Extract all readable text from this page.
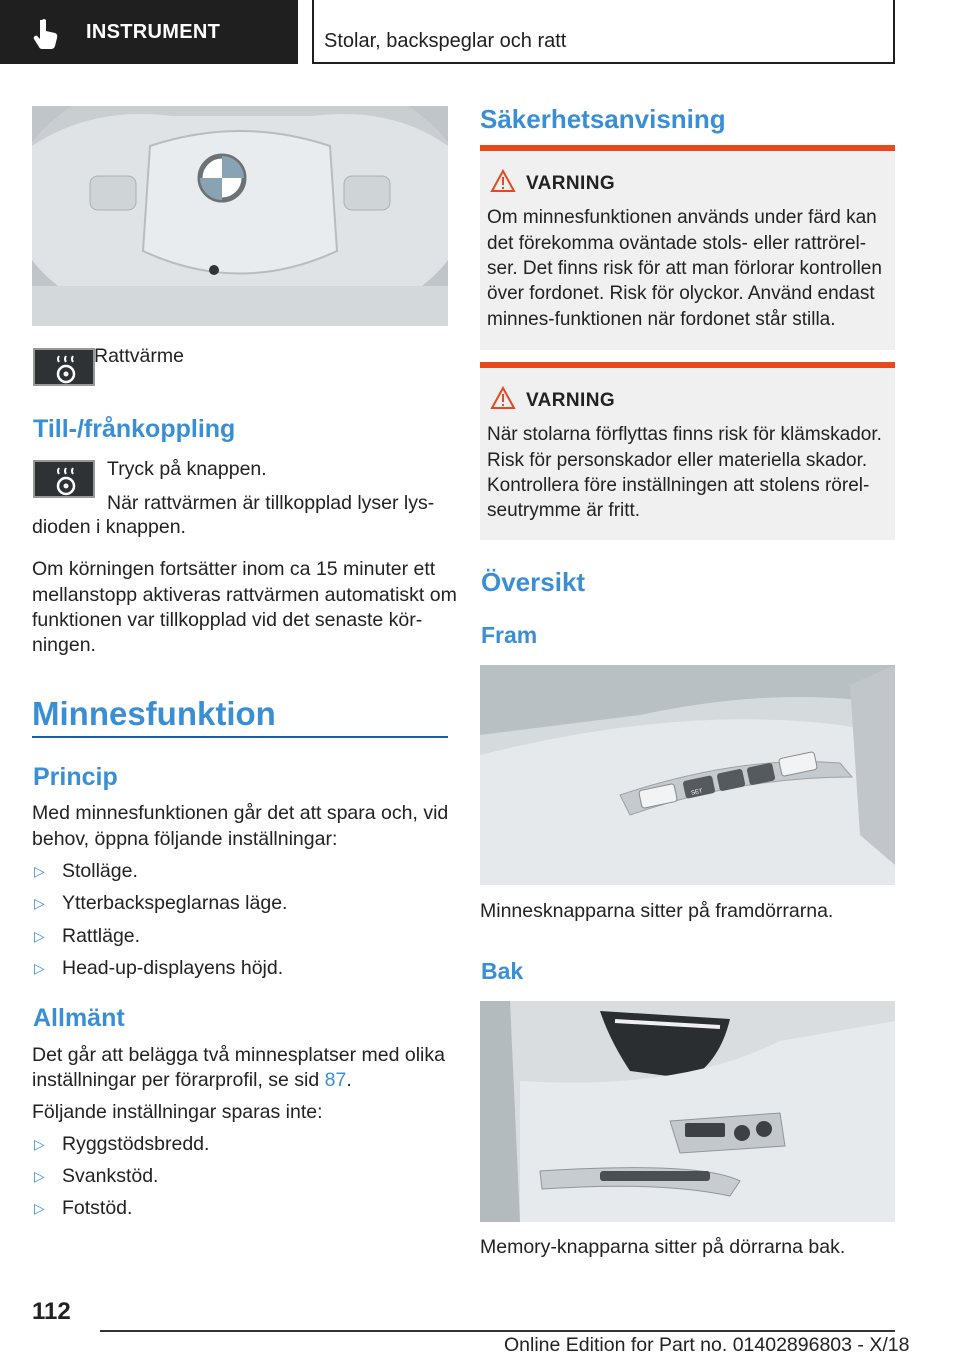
INSTRUMENT	Stolar, backspeglar och ratt
Rattvärme
Till-/frånkoppling
Tryck på knappen.
När rattvärmen är tillkopplad lyser lys-
dioden i knappen.
Om körningen fortsätter inom ca 15 minuter ett
mellanstopp aktiveras rattvärmen automatiskt om
funktionen var tillkopplad vid det senaste kör-
ningen.
Minnesfunktion
Princip
Med minnesfunktionen går det att spara och, vid
behov, öppna följande inställningar:
▷ Stolläge.
▷ Ytterbackspeglarnas läge.
▷ Rattläge.
▷ Head-up-displayens höjd.
Allmänt
Det går att belägga två minnesplatser med olika
inställningar per förarprofil, se sid 87.
Följande inställningar sparas inte:
▷ Ryggstödsbredd.
▷ Svankstöd.
▷ Fotstöd.
Säkerhetsanvisning
VARNING
Om minnesfunktionen används under färd kan
det förekomma oväntade stols- eller rattrörel-
ser. Det finns risk för att man förlorar kontrollen
över fordonet. Risk för olyckor. Använd endast
minnes-funktionen när fordonet står stilla.
VARNING
När stolarna förflyttas finns risk för klämskador.
Risk för personskador eller materiella skador.
Kontrollera före inställningen att stolens rörel-
seutrymme är fritt.
Översikt
Fram
SET
Minnesknapparna sitter på framdörrarna.
Bak
Memory-knapparna sitter på dörrarna bak.
112
Online Edition for Part no. 01402896803 - X/18
